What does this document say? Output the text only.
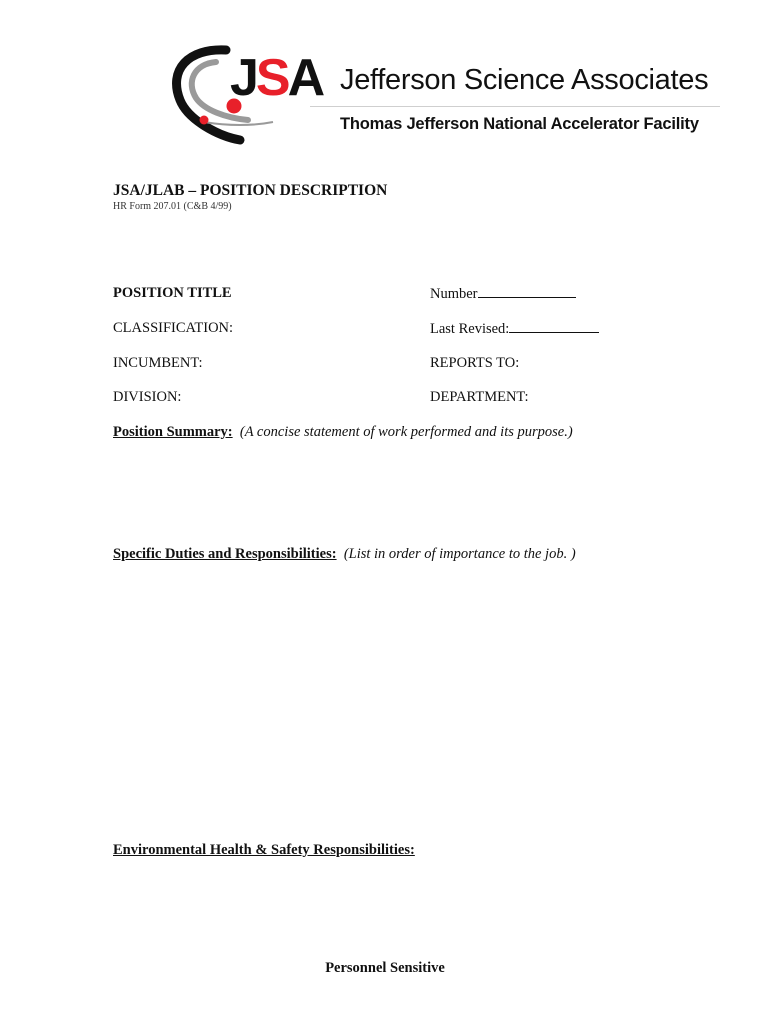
JSA Jefferson Science Associates
Thomas Jefferson National Accelerator Facility
JSA/JLAB – POSITION DESCRIPTION
HR Form 207.01 (C&B 4/99)
POSITION TITLE	Number
CLASSIFICATION:	Last Revised:
INCUMBENT:	REPORTS TO:
DIVISION:	DEPARTMENT:
Position Summary: (A concise statement of work performed and its purpose.)
Specific Duties and Responsibilities: (List in order of importance to the job. )
Environmental Health & Safety Responsibilities:
Personnel Sensitive
